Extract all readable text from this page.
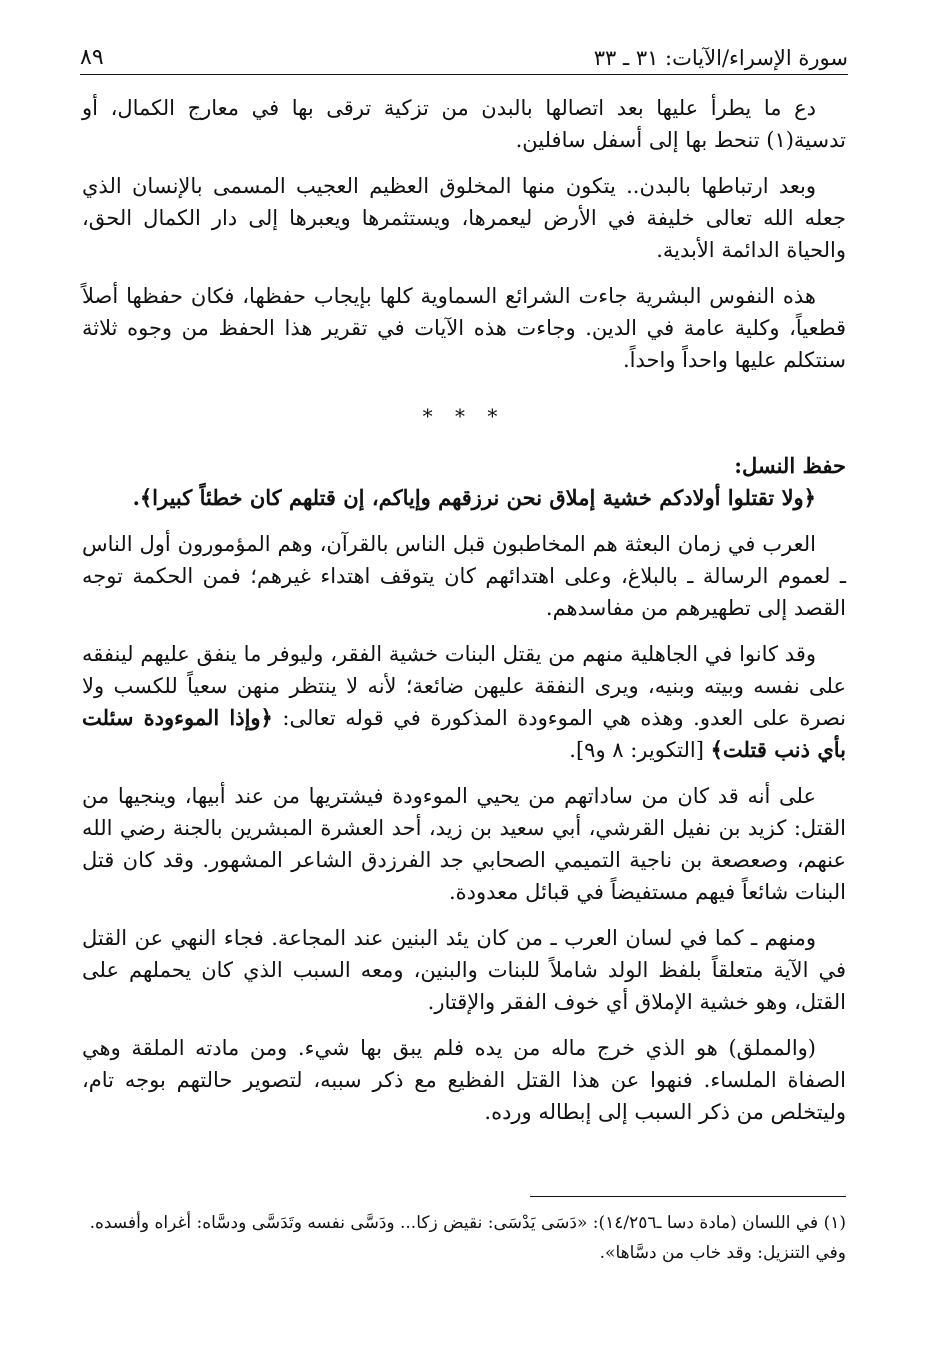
٨٩	سورة الإسراء/الآيات: ٣١ ـ ٣٣

دع ما يطرأ عليها بعد اتصالها بالبدن من تزكية ترقى بها في معارج الكمال، أو تدسية(١) تنحط بها إلى أسفل سافلين.

وبعد ارتباطها بالبدن.. يتكون منها المخلوق العظيم العجيب المسمى بالإنسان الذي جعله الله تعالى خليفة في الأرض ليعمرها، ويستثمرها ويعبرها إلى دار الكمال الحق، والحياة الدائمة الأبدية.

هذه النفوس البشرية جاءت الشرائع السماوية كلها بإيجاب حفظها، فكان حفظها أصلاً قطعياً، وكلية عامة في الدين. وجاءت هذه الآيات في تقرير هذا الحفظ من وجوه ثلاثة سنتكلم عليها واحداً واحداً.

* * *

حفظ النسل:

﴿ولا تقتلوا أولادكم خشية إملاق نحن نرزقهم وإياكم، إن قتلهم كان خطئاً كبيرا﴾.

العرب في زمان البعثة هم المخاطبون قبل الناس بالقرآن، وهم المؤمورون أول الناس ـ لعموم الرسالة ـ بالبلاغ، وعلى اهتدائهم كان يتوقف اهتداء غيرهم؛ فمن الحكمة توجه القصد إلى تطهيرهم من مفاسدهم.

وقد كانوا في الجاهلية منهم من يقتل البنات خشية الفقر، وليوفر ما ينفق عليهم لينفقه على نفسه وبيته وبنيه، ويرى النفقة عليهن ضائعة؛ لأنه لا ينتظر منهن سعياً للكسب ولا نصرة على العدو. وهذه هي الموءودة المذكورة في قوله تعالى: ﴿وإذا الموءودة سئلت بأي ذنب قتلت﴾ [التكوير: ٨ و٩].

على أنه قد كان من ساداتهم من يحيي الموءودة فيشتريها من عند أبيها، وينجيها من القتل: كزيد بن نفيل القرشي، أبي سعيد بن زيد، أحد العشرة المبشرين بالجنة رضي الله عنهم، وصعصعة بن ناجية التميمي الصحابي جد الفرزدق الشاعر المشهور. وقد كان قتل البنات شائعاً فيهم مستفيضاً في قبائل معدودة.

ومنهم ـ كما في لسان العرب ـ من كان يئد البنين عند المجاعة. فجاء النهي عن القتل في الآية متعلقاً بلفظ الولد شاملاً للبنات والبنين، ومعه السبب الذي كان يحملهم على القتل، وهو خشية الإملاق أي خوف الفقر والإقتار.

(والمملق) هو الذي خرج ماله من يده فلم يبق بها شيء. ومن مادته الملقة وهي الصفاة الملساء. فنهوا عن هذا القتل الفظيع مع ذكر سببه، لتصوير حالتهم بوجه تام، وليتخلص من ذكر السبب إلى إبطاله ورده.

(١) في اللسان (مادة دسا ـ١٤/٢٥٦): «دَسَى يَدْسَى: نقيض زكا... ودَسَّى نفسه وتَدَسَّى ودسَّاه: أغراه وأفسده.

وفي التنزيل: وقد خاب من دسَّاها».
